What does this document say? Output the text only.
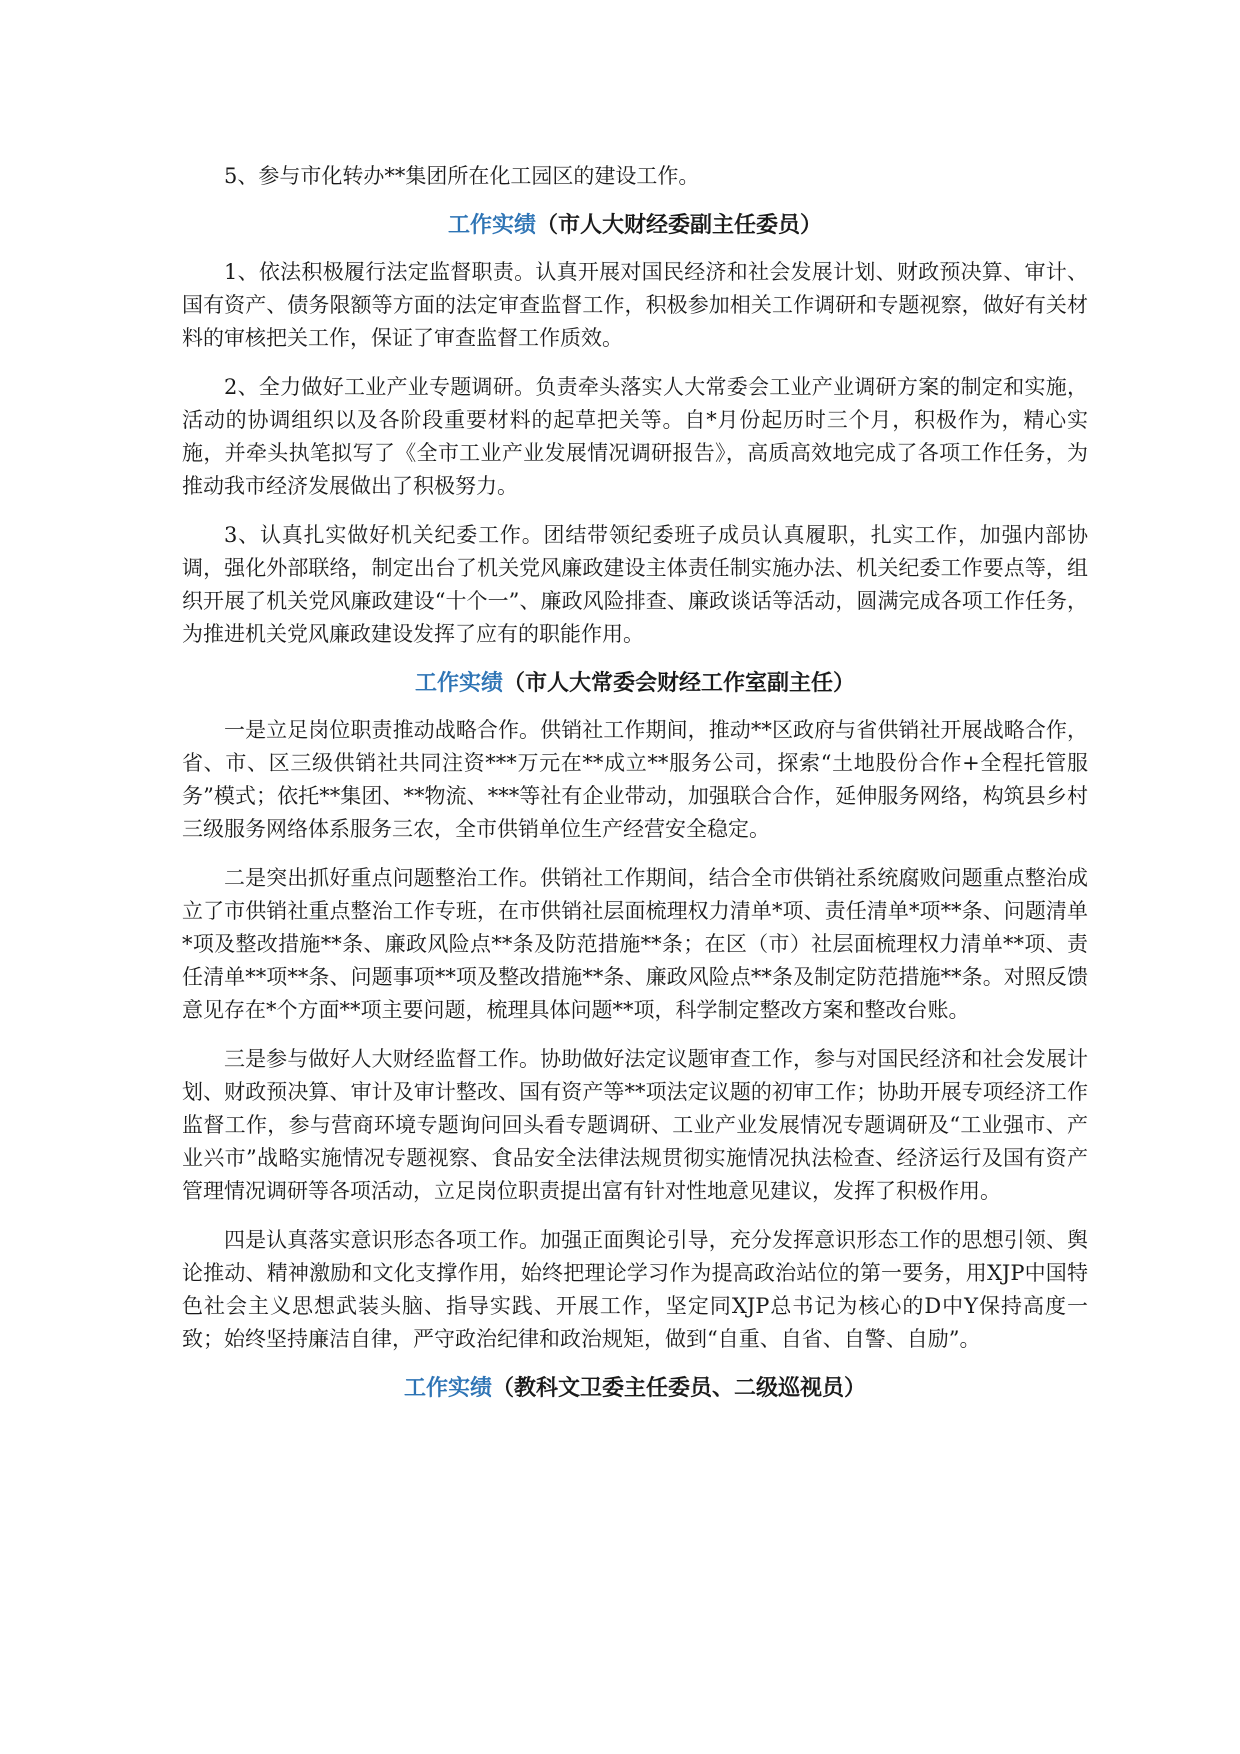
5、参与市化转办**集团所在化工园区的建设工作。

工作实绩（市人大财经委副主任委员）

1、依法积极履行法定监督职责。认真开展对国民经济和社会发展计划、财政预决算、审计、国有资产、债务限额等方面的法定审查监督工作，积极参加相关工作调研和专题视察，做好有关材料的审核把关工作，保证了审查监督工作质效。

2、全力做好工业产业专题调研。负责牵头落实人大常委会工业产业调研方案的制定和实施，活动的协调组织以及各阶段重要材料的起草把关等。自*月份起历时三个月，积极作为，精心实施，并牵头执笔拟写了《全市工业产业发展情况调研报告》，高质高效地完成了各项工作任务，为推动我市经济发展做出了积极努力。

3、认真扎实做好机关纪委工作。团结带领纪委班子成员认真履职，扎实工作，加强内部协调，强化外部联络，制定出台了机关党风廉政建设主体责任制实施办法、机关纪委工作要点等，组织开展了机关党风廉政建设“十个一”、廉政风险排查、廉政谈话等活动，圆满完成各项工作任务，为推进机关党风廉政建设发挥了应有的职能作用。

工作实绩（市人大常委会财经工作室副主任）

一是立足岗位职责推动战略合作。供销社工作期间，推动**区政府与省供销社开展战略合作，省、市、区三级供销社共同注资***万元在**成立**服务公司，探索“土地股份合作+全程托管服务”模式；依托**集团、**物流、***等社有企业带动，加强联合合作，延伸服务网络，构筑县乡村三级服务网络体系服务三农，全市供销单位生产经营安全稳定。

二是突出抓好重点问题整治工作。供销社工作期间，结合全市供销社系统腐败问题重点整治成立了市供销社重点整治工作专班，在市供销社层面梳理权力清单*项、责任清单*项**条、问题清单*项及整改措施**条、廉政风险点**条及防范措施**条；在区（市）社层面梳理权力清单**项、责任清单**项**条、问题事项**项及整改措施**条、廉政风险点**条及制定防范措施**条。对照反馈意见存在*个方面**项主要问题，梳理具体问题**项，科学制定整改方案和整改台账。

三是参与做好人大财经监督工作。协助做好法定议题审查工作，参与对国民经济和社会发展计划、财政预决算、审计及审计整改、国有资产等**项法定议题的初审工作；协助开展专项经济工作监督工作，参与营商环境专题询问回头看专题调研、工业产业发展情况专题调研及“工业强市、产业兴市”战略实施情况专题视察、食品安全法律法规贯彻实施情况执法检查、经济运行及国有资产管理情况调研等各项活动，立足岗位职责提出富有针对性地意见建议，发挥了积极作用。

四是认真落实意识形态各项工作。加强正面舆论引导，充分发挥意识形态工作的思想引领、舆论推动、精神激励和文化支撑作用，始终把理论学习作为提高政治站位的第一要务，用XJP中国特色社会主义思想武装头脑、指导实践、开展工作，坚定同XJP总书记为核心的D中Y保持高度一致；始终坚持廉洁自律，严守政治纪律和政治规矩，做到“自重、自省、自警、自励”。

工作实绩（教科文卫委主任委员、二级巡视员）
